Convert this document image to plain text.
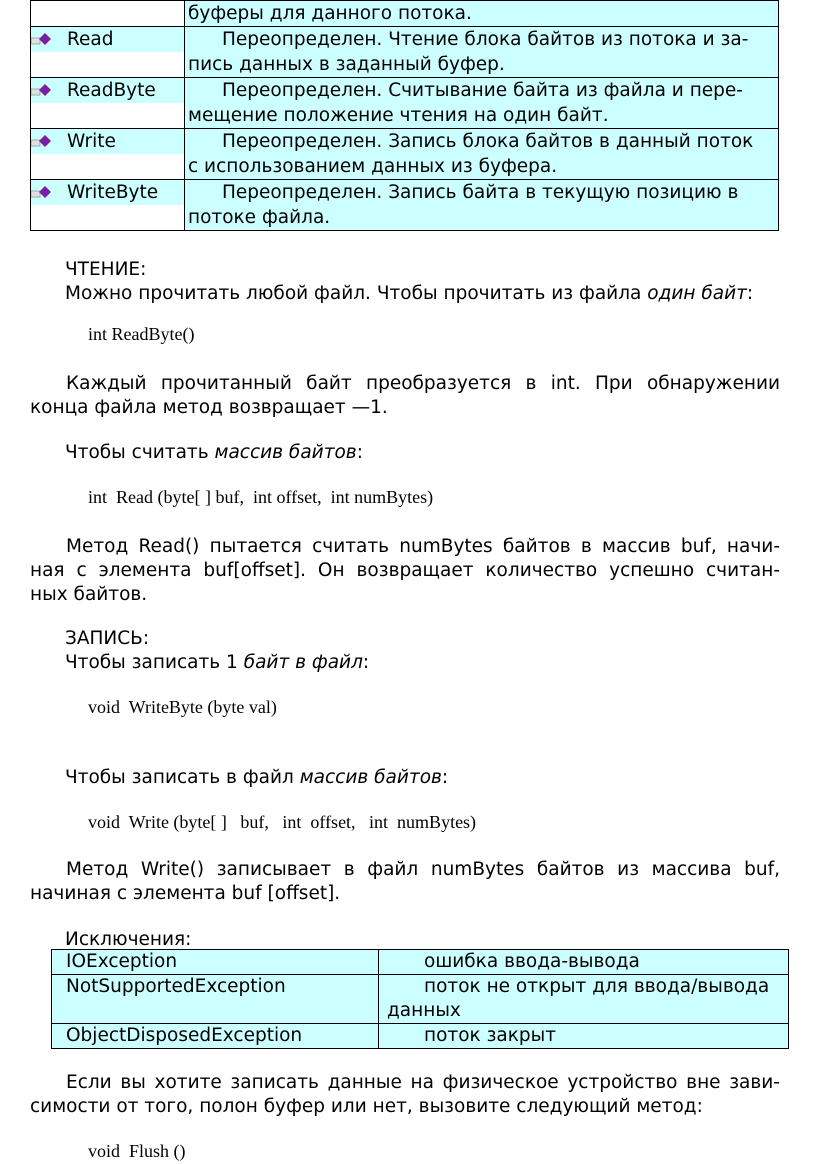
	буферы для данного потока.

Read	Переопределен. Чтение блока байтов из потока и за-
пись данных в заданный буфер.

ReadByte	Переопределен. Считывание байта из файла и пере-
мещение положение чтения на один байт.

Write	Переопределен. Запись блока байтов в данный поток
с использованием данных из буфера.

WriteByte	Переопределен. Запись байта в текущую позицию в
потоке файла.
ЧТЕНИЕ:
Можно прочитать любой файл. Чтобы прочитать из файла один байт:
int ReadByte()
Каждый прочитанный байт преобразуется в int. При обнаружении
конца файла метод возвращает —1.
Чтобы считать массив байтов:
int  Read (byte[ ] buf,  int offset,  int numBytes)
Метод Read() пытается считать numBytes байтов в массив buf, начи-
ная с элемента buf[offset]. Он возвращает количество успешно считан-
ных байтов.
ЗАПИСЬ:
Чтобы записать 1 байт в файл:
void  WriteByte (byte val)
Чтобы записать в файл массив байтов:
void  Write (byte[ ]   buf,   int  offset,   int  numBytes)
Метод Write() записывает в файл numBytes байтов из массива buf,
начиная с элемента buf [offset].
Исключения:
IOException	ошибка ввода-вывода

NotSupportedException	поток не открыт для ввода/вывода
данных

ObjectDisposedException	поток закрыт
Если вы хотите записать данные на физическое устройство вне зави-
симости от того, полон буфер или нет, вызовите следующий метод:
void  Flush ()
